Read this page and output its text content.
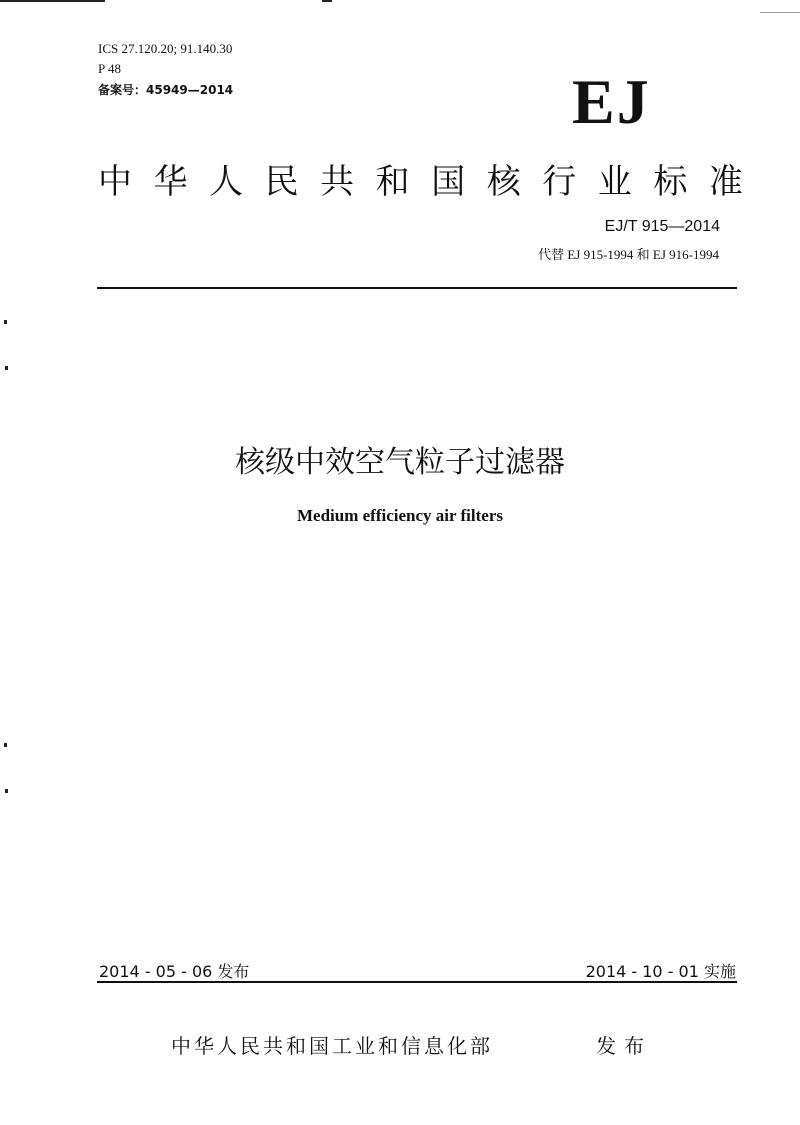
ICS 27.120.20; 91.140.30
P 48
备案号：45949—2014	EJ
中 华 人 民 共 和 国 核 行 业 标 准
EJ/T 915—2014
代替 EJ 915-1994 和 EJ 916-1994
核级中效空气粒子过滤器
Medium efficiency air filters
2014 - 05 - 06 发布	2014 - 10 - 01 实施
中华人民共和国工业和信息化部	发布
